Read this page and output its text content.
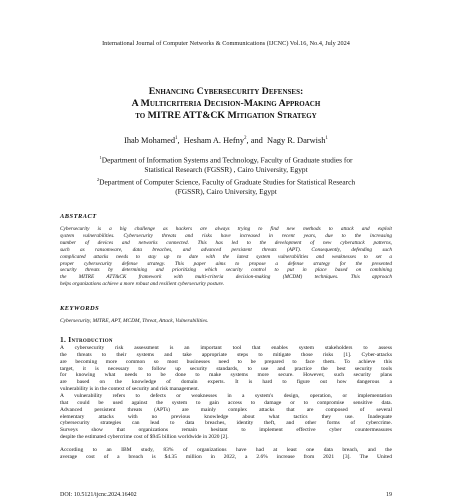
International Journal of Computer Networks & Communications (IJCNC) Vol.16, No.4, July 2024
Enhancing Cybersecurity Defenses:
A Multicriteria Decision-Making Approach
to MITRE ATT&CK Mitigation Strategy
Ihab Mohamed$^1$, Hesham A. Hefny$^2$, and Nagy R. Darwish$^1$
$^1$Department of Information Systems and Technology, Faculty of Graduate studies for
Statistical Research (FGSSR) , Cairo University, Egypt
$^2$Department of Computer Science, Faculty of Graduate Studies for Statistical Research
(FGSSR), Cairo University, Egypt
ABSTRACT
Cybersecurity is a big challenge as hackers are always trying to find new methods to attack and exploit
system vulnerabilities. Cybersecurity threats and risks have increased in recent years, due to the increasing
number of devices and networks connected. This has led to the development of new cyberattack patterns,
such as ransomware, data breaches, and advanced persistent threats (APT). Consequently, defending such
complicated attacks needs to stay up to date with the latest system vulnerabilities and weaknesses to set a
proper cybersecurity defense strategy. This paper aims to propose a defense strategy for the presented
security threats by determining and prioritizing which security control to put in place based on combining
the MITRE ATT&CK framework with multi-criteria decision-making (MCDM) techniques. This approach
helps organizations achieve a more robust and resilient cybersecurity posture.
KEYWORDS
Cybersecurity, MITRE, APT, MCDM, Threat, Attack, Vulnerabilities.
1. Introduction
A cybersecurity risk assessment is an important tool that enables system stakeholders to assess
the threats to their systems and take appropriate steps to mitigate those risks [1]. Cyber-attacks
are becoming more common so most businesses need to be prepared to face them. To achieve this
target, it is necessary to follow up security standards, to use and practice the best security tools
for knowing what needs to be done to make systems more secure. However, such security plans
are based on the knowledge of domain experts. It is hard to figure out how dangerous a
vulnerability is in the context of security and risk management.
A vulnerability refers to defects or weaknesses in a system's design, operation, or implementation
that could be used against the system to gain access to damage or to compromise sensitive data.
Advanced persistent threats (APTs) are mainly complex attacks that are composed of several
elementary attacks with no previous knowledge about what tactics they use. Inadequate
cybersecurity strategies can lead to data breaches, identity theft, and other forms of cybercrime.
Surveys show that organizations remain hesitant to implement effective cyber countermeasures
despite the estimated cybercrime cost of $945 billion worldwide in 2020 [2].
According to an IBM study, 83% of organizations have had at least one data breach, and the
average cost of a breach is $4.35 million in 2022, a 2.6% increase from 2021 [3]. The United
DOI: 10.5121/ijcnc.2024.16402	19
